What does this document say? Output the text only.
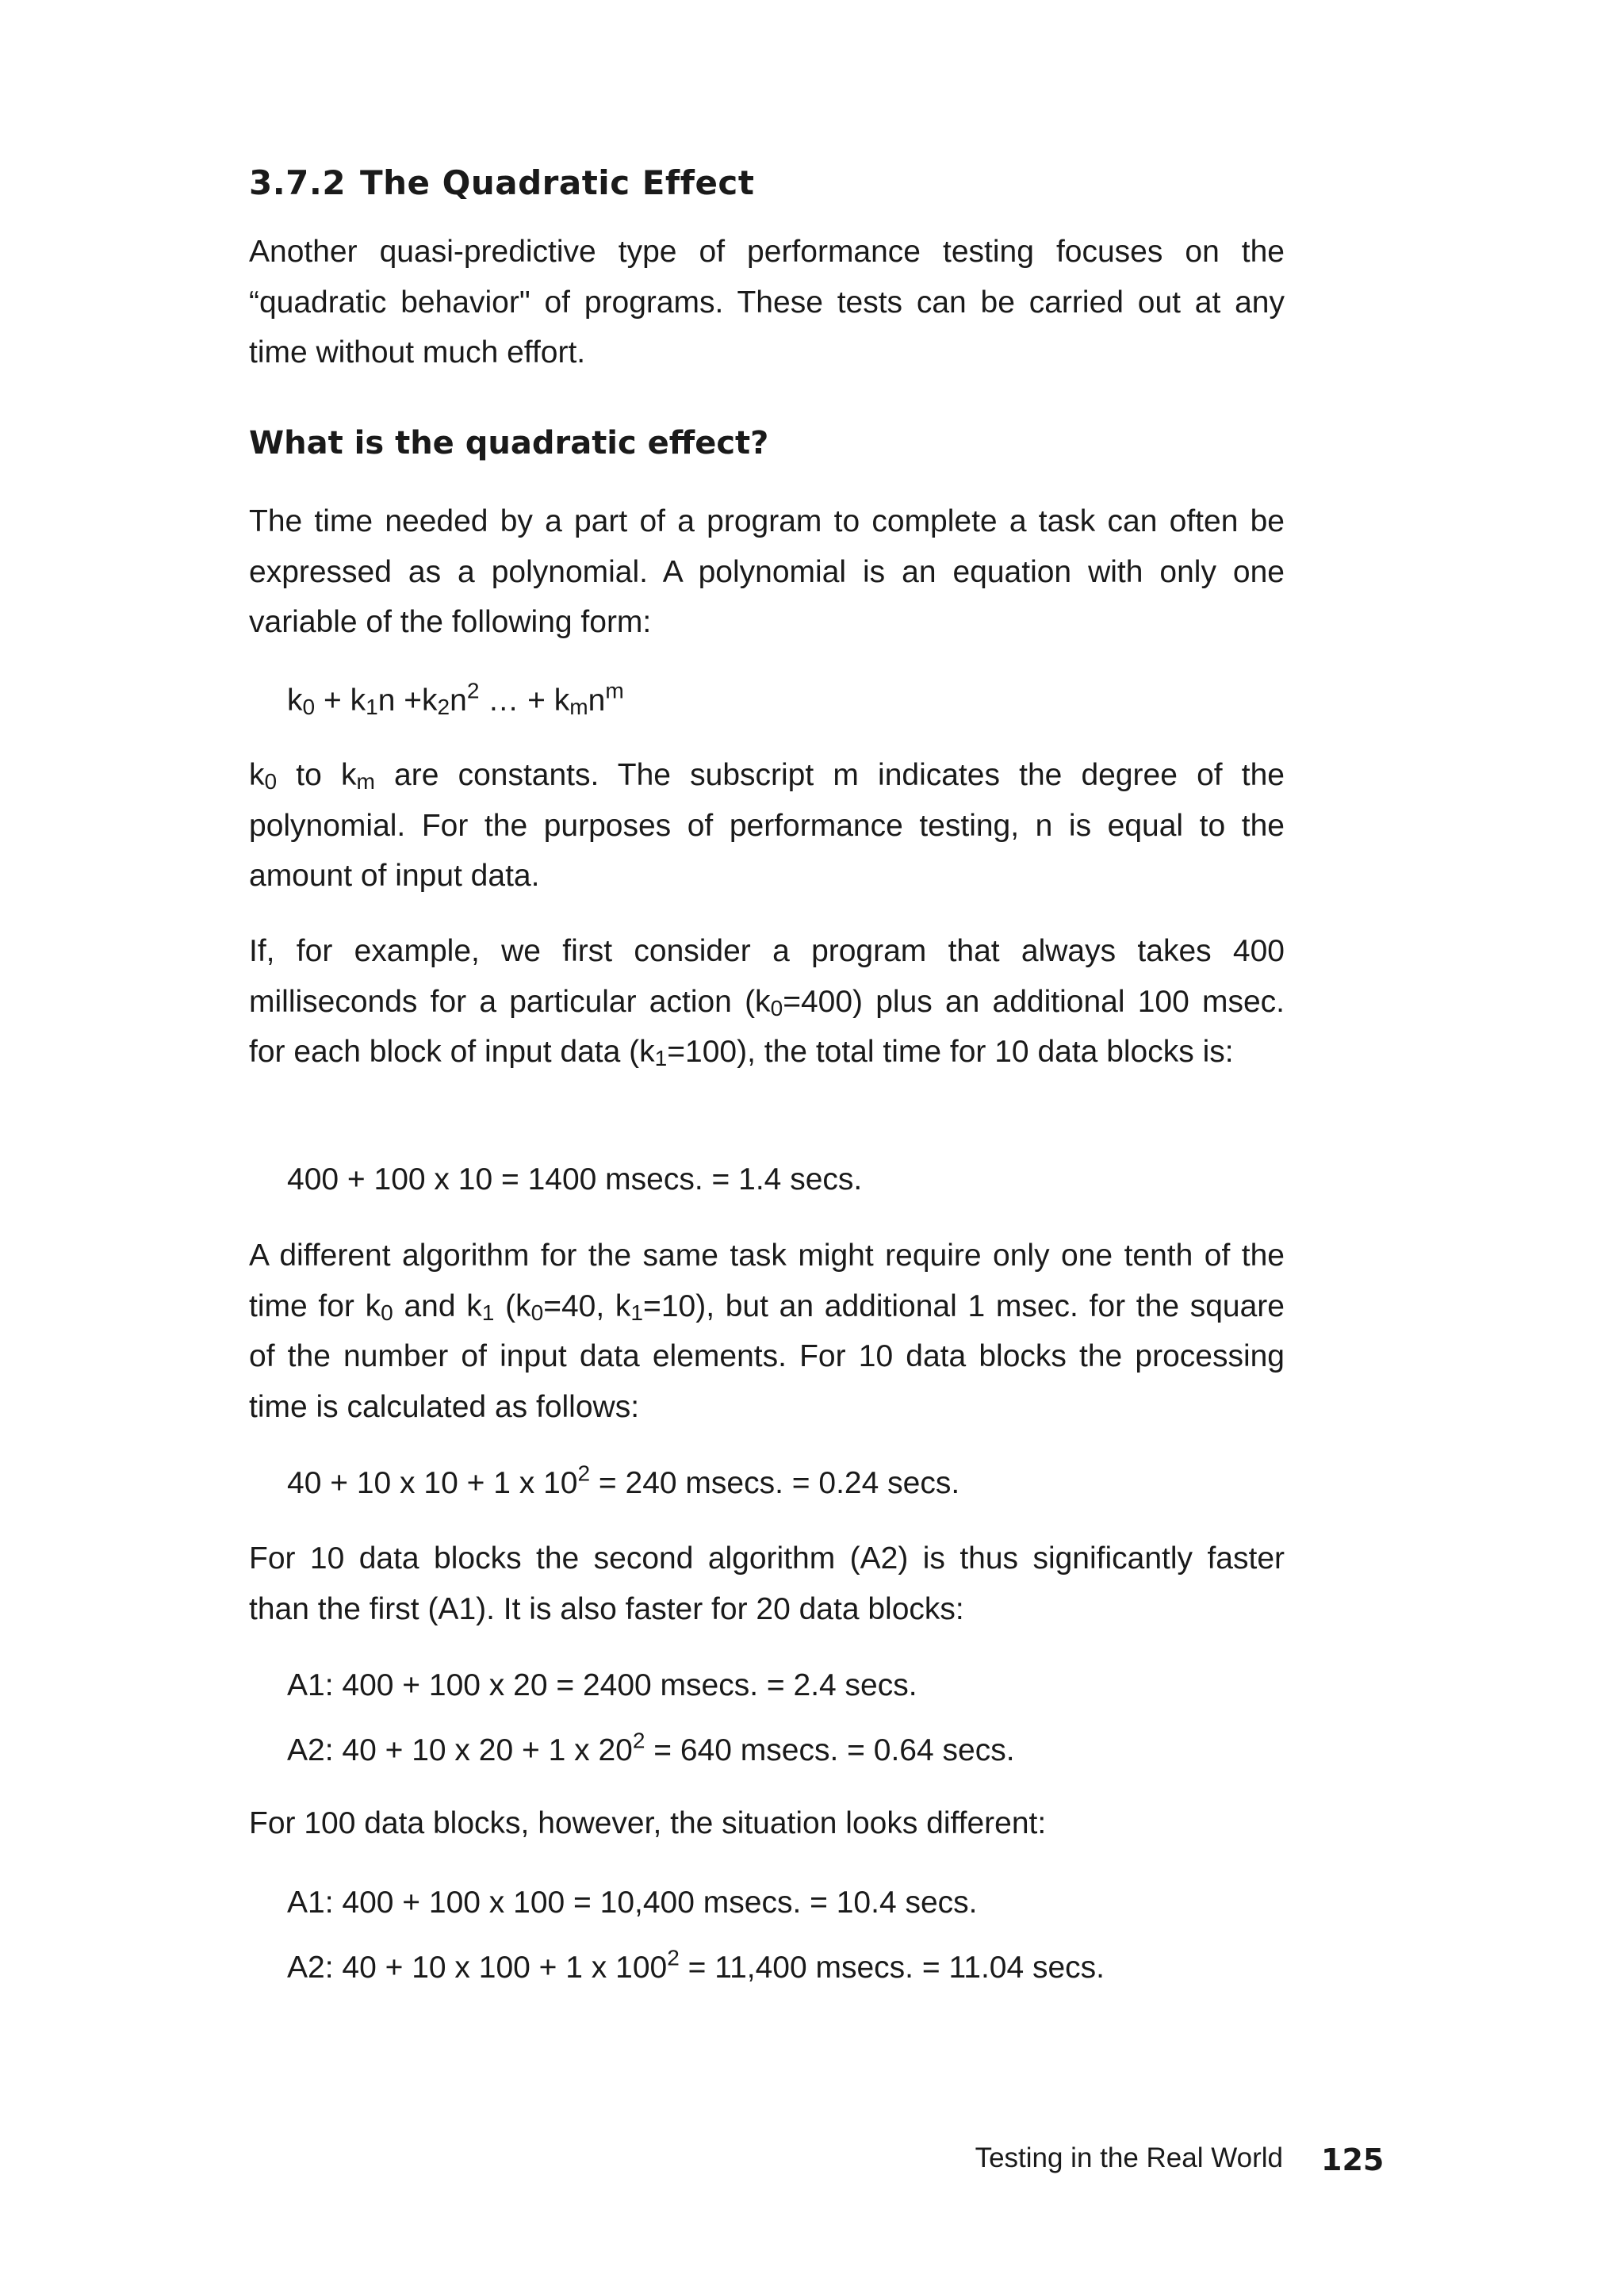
3.7.2 The Quadratic Effect

Another quasi-predictive type of performance testing focuses on the “quadratic behavior" of programs. These tests can be carried out at any time without much effort.

What is the quadratic effect?

The time needed by a part of a program to complete a task can often be expressed as a polynomial. A polynomial is an equation with only one variable of the following form:

$k_0 + k_1n +k_2n^2$ … + $k_mn^m$

$k_0$ to $k_m$ are constants. The subscript m indicates the degree of the polynomial. For the purposes of performance testing, n is equal to the amount of input data.

If, for example, we first consider a program that always takes 400 milliseconds for a particular action $(k_0=400)$ plus an additional 100 msec. for each block of input data $(k_1=100)$, the total time for 10 data blocks is:

400 + 100 x 10 = 1400 msecs. = 1.4 secs.

A different algorithm for the same task might require only one tenth of the time for $k_0$ and $k_1$ ($k_0=40$, $k_1=10$), but an additional 1 msec. for the square of the number of input data elements. For 10 data blocks the processing time is calculated as follows:

40 + 10 x 10 + 1 x $10^2 = 240$ msecs. = 0.24 secs.

For 10 data blocks the second algorithm (A2) is thus significantly faster than the first (A1). It is also faster for 20 data blocks:

A1: 400 + 100 x 20 = 2400 msecs. = 2.4 secs.
A2: 40 + 10 x 20 + 1 x $20^2 = 640$ msecs. = 0.64 secs.

For 100 data blocks, however, the situation looks different:

A1: 400 + 100 x 100 = 10,400 msecs. = 10.4 secs.
A2: 40 + 10 x 100 + 1 x $100^2 = 11,400$ msecs. = 11.04 secs.
Testing in the Real World 125
